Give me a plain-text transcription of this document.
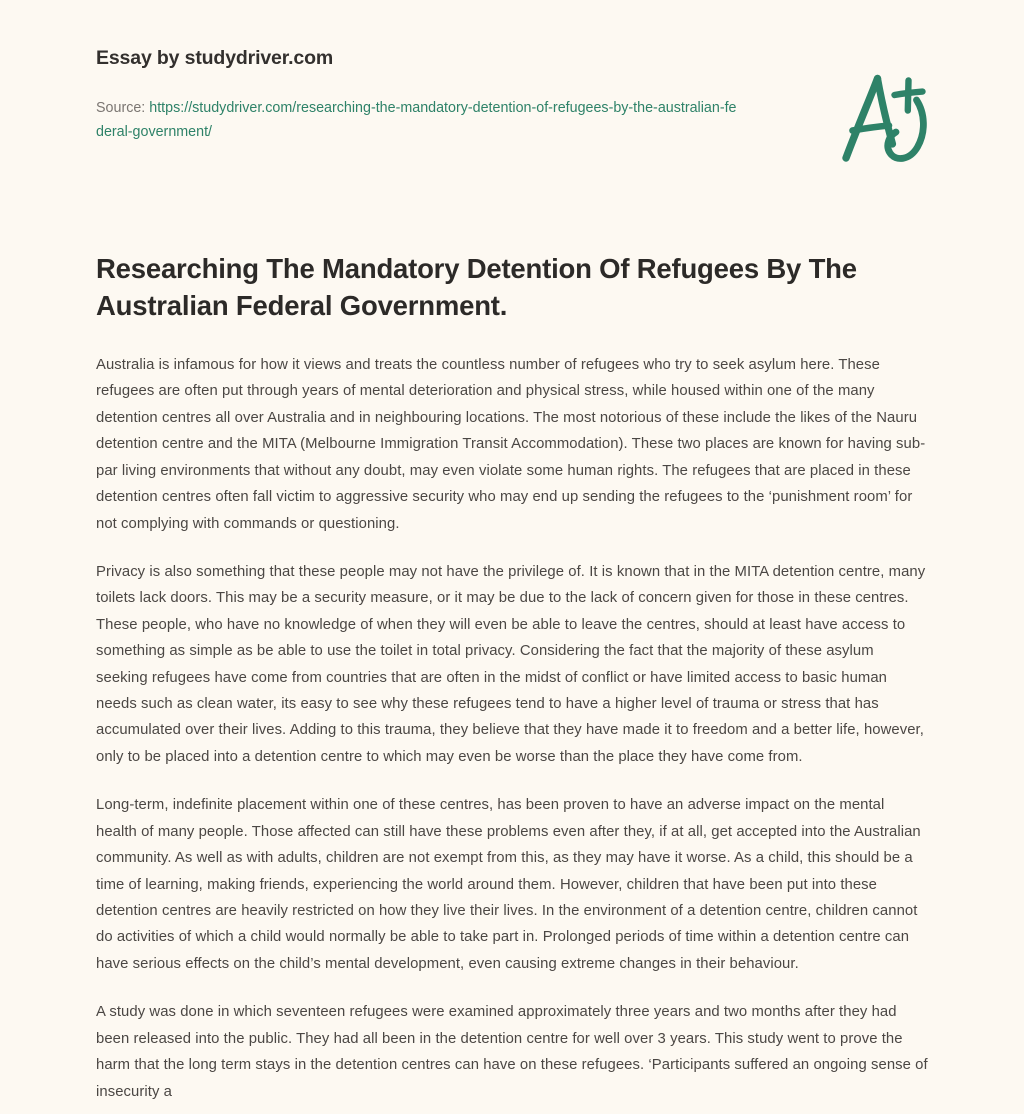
Essay by studydriver.com
Source: https://studydriver.com/researching-the-mandatory-detention-of-refugees-by-the-australian-federal-government/
Researching The Mandatory Detention Of Refugees By The Australian Federal Government.

Australia is infamous for how it views and treats the countless number of refugees who try to seek asylum here. These refugees are often put through years of mental deterioration and physical stress, while housed within one of the many detention centres all over Australia and in neighbouring locations. The most notorious of these include the likes of the Nauru detention centre and the MITA (Melbourne Immigration Transit Accommodation). These two places are known for having sub-par living environments that without any doubt, may even violate some human rights. The refugees that are placed in these detention centres often fall victim to aggressive security who may end up sending the refugees to the ‘punishment room’ for not complying with commands or questioning.

Privacy is also something that these people may not have the privilege of. It is known that in the MITA detention centre, many toilets lack doors. This may be a security measure, or it may be due to the lack of concern given for those in these centres. These people, who have no knowledge of when they will even be able to leave the centres, should at least have access to something as simple as be able to use the toilet in total privacy. Considering the fact that the majority of these asylum seeking refugees have come from countries that are often in the midst of conflict or have limited access to basic human needs such as clean water, its easy to see why these refugees tend to have a higher level of trauma or stress that has accumulated over their lives. Adding to this trauma, they believe that they have made it to freedom and a better life, however, only to be placed into a detention centre to which may even be worse than the place they have come from.

Long-term, indefinite placement within one of these centres, has been proven to have an adverse impact on the mental health of many people. Those affected can still have these problems even after they, if at all, get accepted into the Australian community. As well as with adults, children are not exempt from this, as they may have it worse. As a child, this should be a time of learning, making friends, experiencing the world around them. However, children that have been put into these detention centres are heavily restricted on how they live their lives. In the environment of a detention centre, children cannot do activities of which a child would normally be able to take part in. Prolonged periods of time within a detention centre can have serious effects on the child’s mental development, even causing extreme changes in their behaviour.

A study was done in which seventeen refugees were examined approximately three years and two months after they had been released into the public. They had all been in the detention centre for well over 3 years. This study went to prove the harm that the long term stays in the detention centres can have on these refugees. ‘Participants suffered an ongoing sense of insecurity a
